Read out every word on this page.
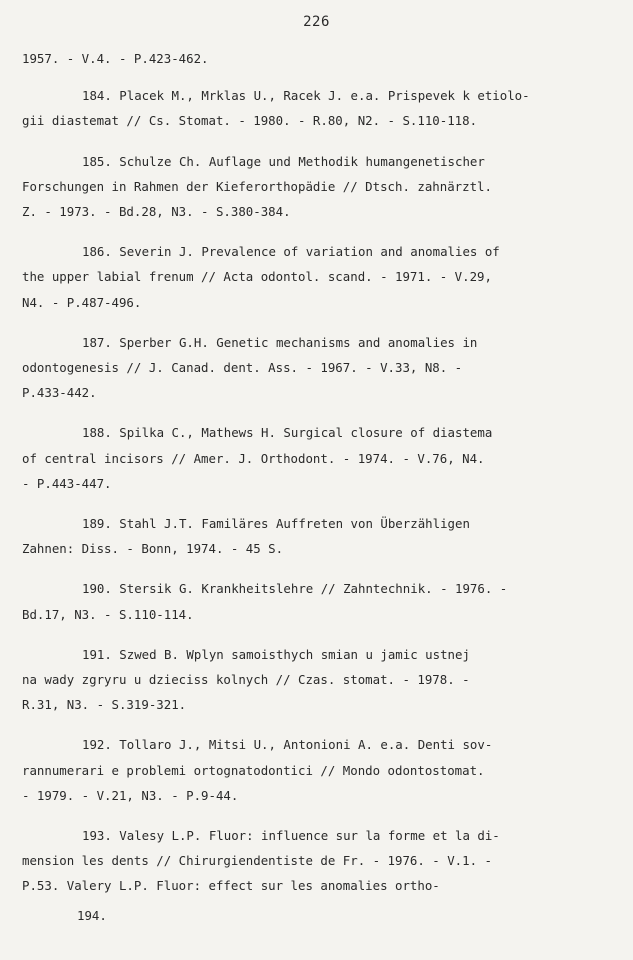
226
1957. - V.4. - P.423-462.
184. Placek M., Mrklas U., Racek J. e.a. Prispevek k etiolo-
gii diastemat // Cs. Stomat. - 1980. - R.80, N2. - S.110-118.
185. Schulze Ch. Auflage und Methodik humangenetischer
Forschungen in Rahmen der Kieferorthopädie // Dtsch. zahnärztl.
Z. - 1973. - Bd.28, N3. - S.380-384.
186. Severin J. Prevalence of variation and anomalies of
the upper labial frenum // Acta odontol. scand. - 1971. - V.29,
N4. - P.487-496.
187. Sperber G.H. Genetic mechanisms and anomalies in
odontogenesis // J. Canad. dent. Ass. - 1967. - V.33, N8. -
P.433-442.
188. Spilka C., Mathews H. Surgical closure of diastema
of central incisors // Amer. J. Orthodont. - 1974. - V.76, N4.
- P.443-447.
189. Stahl J.T. Familäres Auffreten von Überzähligen
Zahnen: Diss. - Bonn, 1974. - 45 S.
190. Stersik G. Krankheitslehre // Zahntechnik. - 1976. -
Bd.17, N3. - S.110-114.
191. Szwed B. Wplyn samoisthych smian u jamic ustnej
na wady zgryru u dzieciss kolnych // Czas. stomat. - 1978. -
R.31, N3. - S.319-321.
192. Tollaro J., Mitsi U., Antonioni A. e.a. Denti sov-
rannumerari e problemi ortognatodontici // Mondo odontostomat.
- 1979. - V.21, N3. - P.9-44.
193. Valesy L.P. Fluor: influence sur la forme et la di-
mension les dents // Chirurgiendentiste de Fr. - 1976. - V.1. -
P.53. Valery L.P. Fluor: effect sur les anomalies ortho-
194.
